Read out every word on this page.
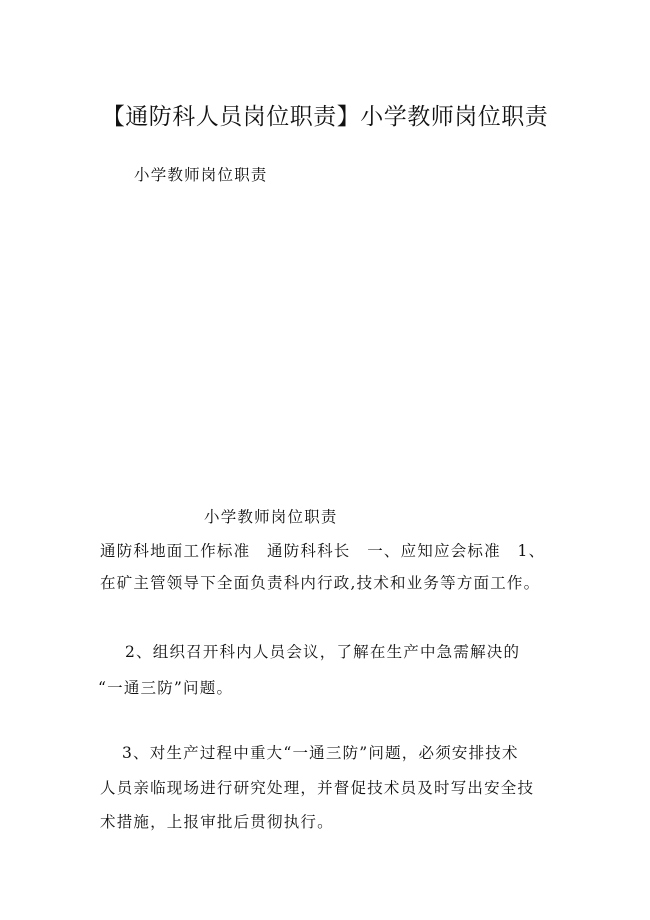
【通防科人员岗位职责】小学教师岗位职责
小学教师岗位职责
小学教师岗位职责
通防科地面工作标准　通防科科长　一、应知应会标准　1、
在矿主管领导下全面负责科内行政,技术和业务等方面工作。
2、组织召开科内人员会议，了解在生产中急需解决的
“一通三防”问题。
3、对生产过程中重大“一通三防”问题，必须安排技术
人员亲临现场进行研究处理，并督促技术员及时写出安全技
术措施，上报审批后贯彻执行。
